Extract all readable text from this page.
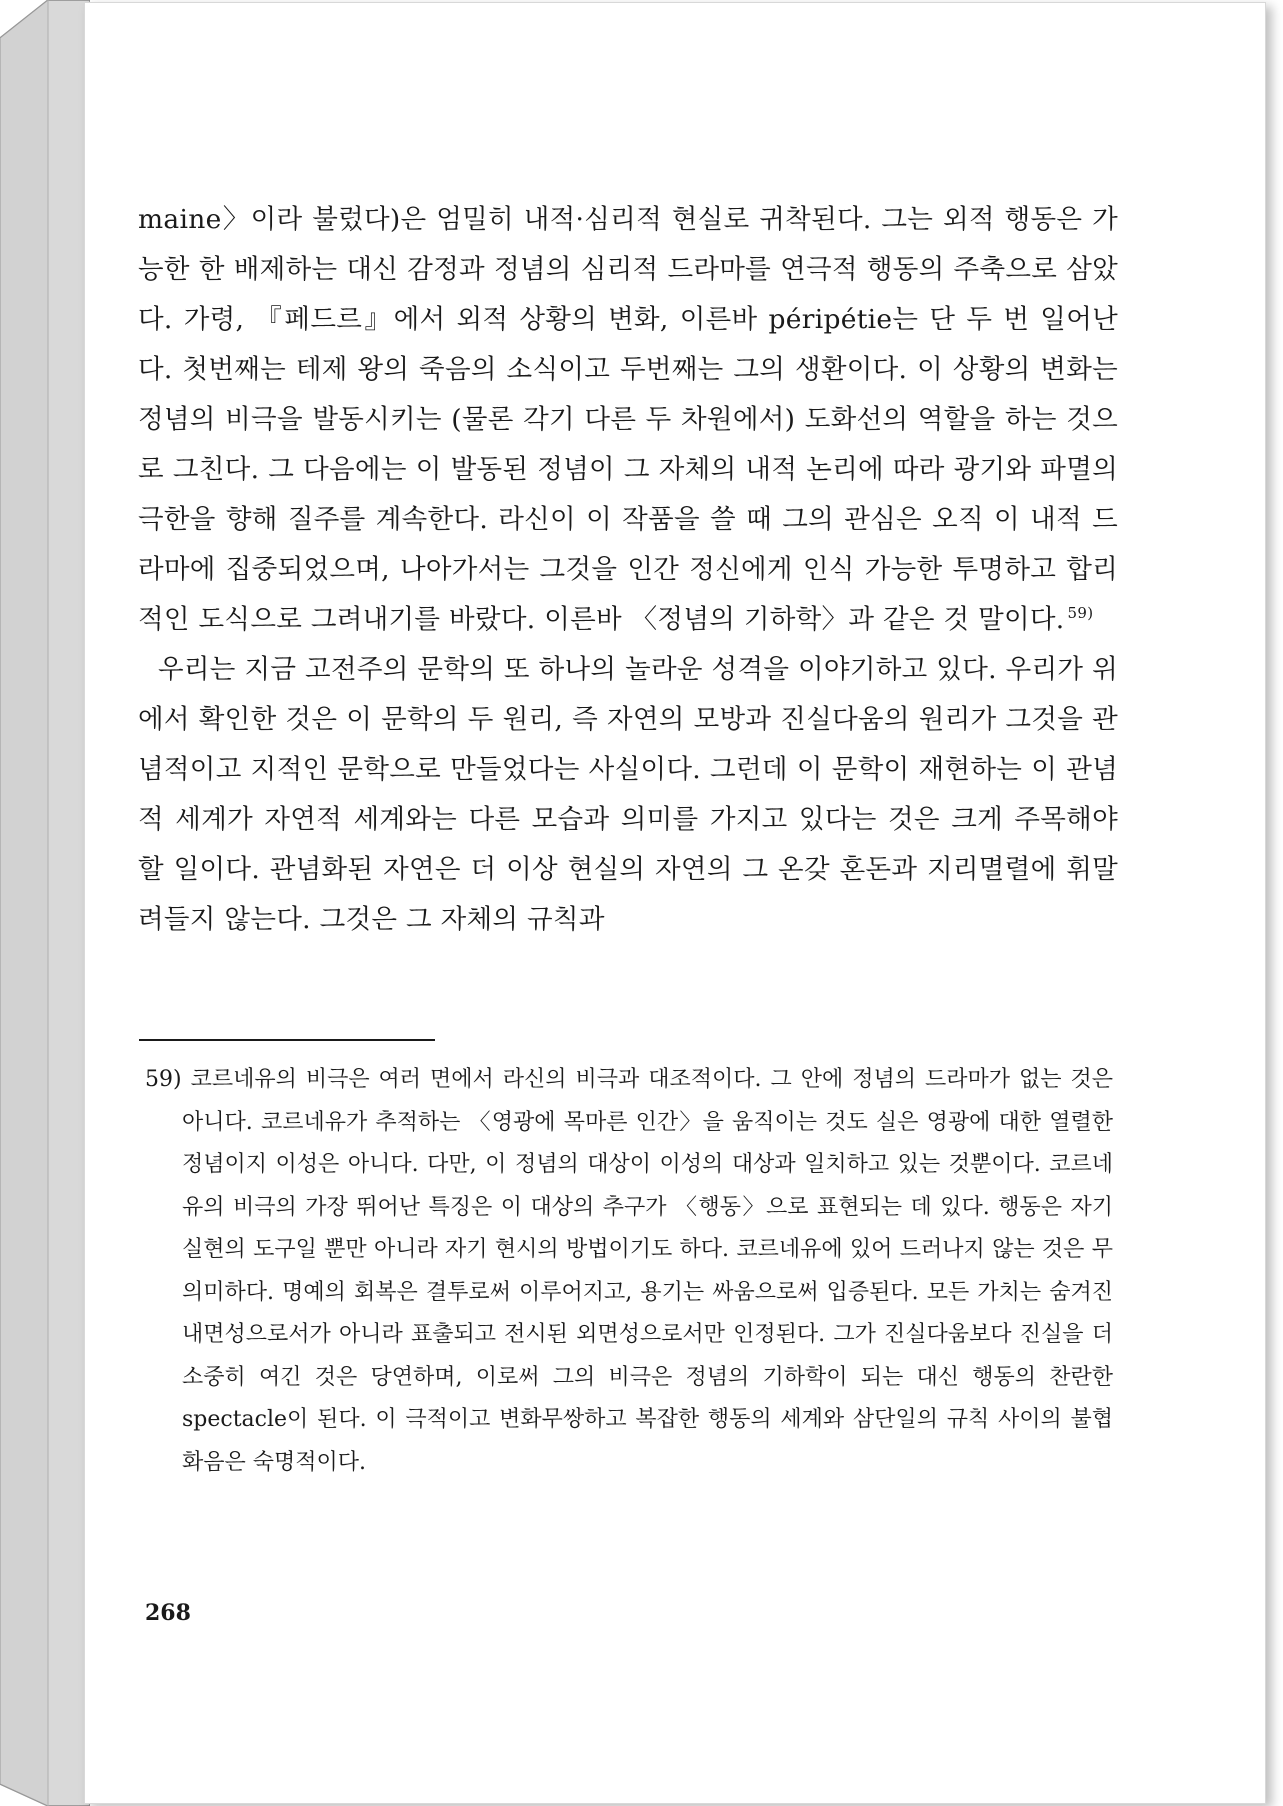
maine〉이라 불렀다)은 엄밀히 내적·심리적 현실로 귀착된다. 그는 외적 행동은 가능한 한 배제하는 대신 감정과 정념의 심리적 드라마를 연극적 행동의 주축으로 삼았다. 가령, 『페드르』에서 외적 상황의 변화, 이른바 péripétie는 단 두 번 일어난다. 첫번째는 테제 왕의 죽음의 소식이고 두번째는 그의 생환이다. 이 상황의 변화는 정념의 비극을 발동시키는 (물론 각기 다른 두 차원에서) 도화선의 역할을 하는 것으로 그친다. 그 다음에는 이 발동된 정념이 그 자체의 내적 논리에 따라 광기와 파멸의 극한을 향해 질주를 계속한다. 라신이 이 작품을 쓸 때 그의 관심은 오직 이 내적 드라마에 집중되었으며, 나아가서는 그것을 인간 정신에게 인식 가능한 투명하고 합리적인 도식으로 그려내기를 바랐다. 이른바 〈정념의 기하학〉과 같은 것 말이다. $^{59)}$

우리는 지금 고전주의 문학의 또 하나의 놀라운 성격을 이야기하고 있다. 우리가 위에서 확인한 것은 이 문학의 두 원리, 즉 자연의 모방과 진실다움의 원리가 그것을 관념적이고 지적인 문학으로 만들었다는 사실이다. 그런데 이 문학이 재현하는 이 관념적 세계가 자연적 세계와는 다른 모습과 의미를 가지고 있다는 것은 크게 주목해야 할 일이다. 관념화된 자연은 더 이상 현실의 자연의 그 온갖 혼돈과 지리멸렬에 휘말려들지 않는다. 그것은 그 자체의 규칙과

59) 코르네유의 비극은 여러 면에서 라신의 비극과 대조적이다. 그 안에 정념의 드라마가 없는 것은 아니다. 코르네유가 추적하는 〈영광에 목마른 인간〉을 움직이는 것도 실은 영광에 대한 열렬한 정념이지 이성은 아니다. 다만, 이 정념의 대상이 이성의 대상과 일치하고 있는 것뿐이다. 코르네유의 비극의 가장 뛰어난 특징은 이 대상의 추구가 〈행동〉으로 표현되는 데 있다. 행동은 자기 실현의 도구일 뿐만 아니라 자기 현시의 방법이기도 하다. 코르네유에 있어 드러나지 않는 것은 무의미하다. 명예의 회복은 결투로써 이루어지고, 용기는 싸움으로써 입증된다. 모든 가치는 숨겨진 내면성으로서가 아니라 표출되고 전시된 외면성으로서만 인정된다. 그가 진실다움보다 진실을 더 소중히 여긴 것은 당연하며, 이로써 그의 비극은 정념의 기하학이 되는 대신 행동의 찬란한 spectacle이 된다. 이 극적이고 변화무쌍하고 복잡한 행동의 세계와 삼단일의 규칙 사이의 불협화음은 숙명적이다.
268
